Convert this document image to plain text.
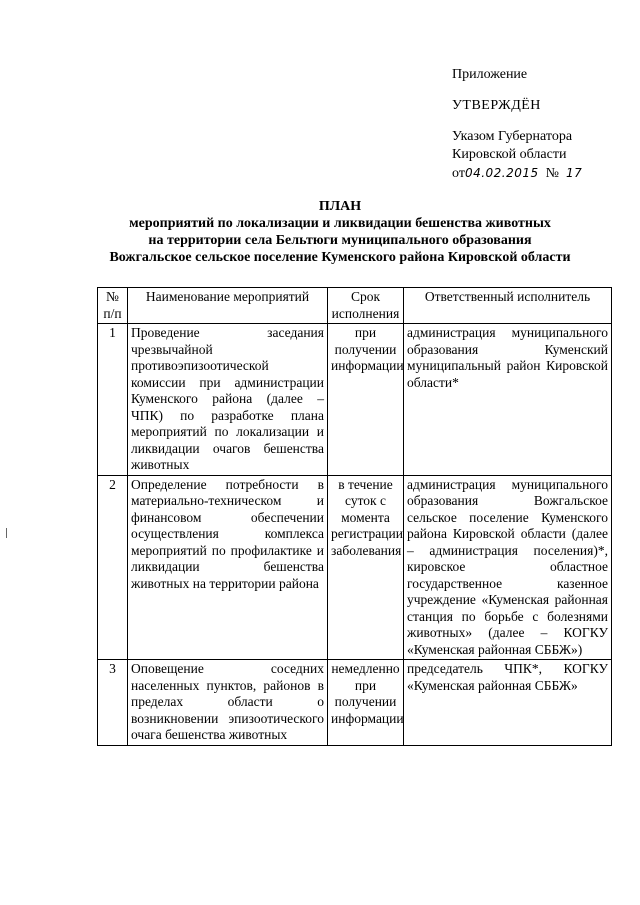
Приложение
УТВЕРЖДЁН
Указом Губернатора
Кировской области
от04.02.2015 № 17
ПЛАН
мероприятий по локализации и ликвидации бешенства животных
на территории села Бельтюги муниципального образования
Вожгальское сельское поселение Куменского района Кировской области
№ п/п	Наименование мероприятий	Срок исполнения	Ответственный исполнитель
1	Проведение заседания чрезвычайной противоэпизоотической комиссии при администрации Куменского района (далее – ЧПК) по разработке плана мероприятий по локализации и ликвидации очагов бешенства животных	при получении информации	администрация муниципального образования Куменский муниципальный район Кировской области*
2	Определение потребности в материально-техническом и финансовом обеспечении осуществления комплекса мероприятий по профилактике и ликвидации бешенства животных на территории района	в течение суток с момента регистрации заболевания	администрация муниципального образования Вожгальское сельское поселение Куменского района Кировской области (далее – администрация поселения)*, кировское областное государственное казенное учреждение «Куменская районная станция по борьбе с болезнями животных» (далее – КОГКУ «Куменская районная СББЖ»)
3	Оповещение соседних населенных пунктов, районов в пределах области о возникновении эпизоотического очага бешенства животных	немедленно при получении информации	председатель ЧПК*, КОГКУ «Куменская районная СББЖ»
